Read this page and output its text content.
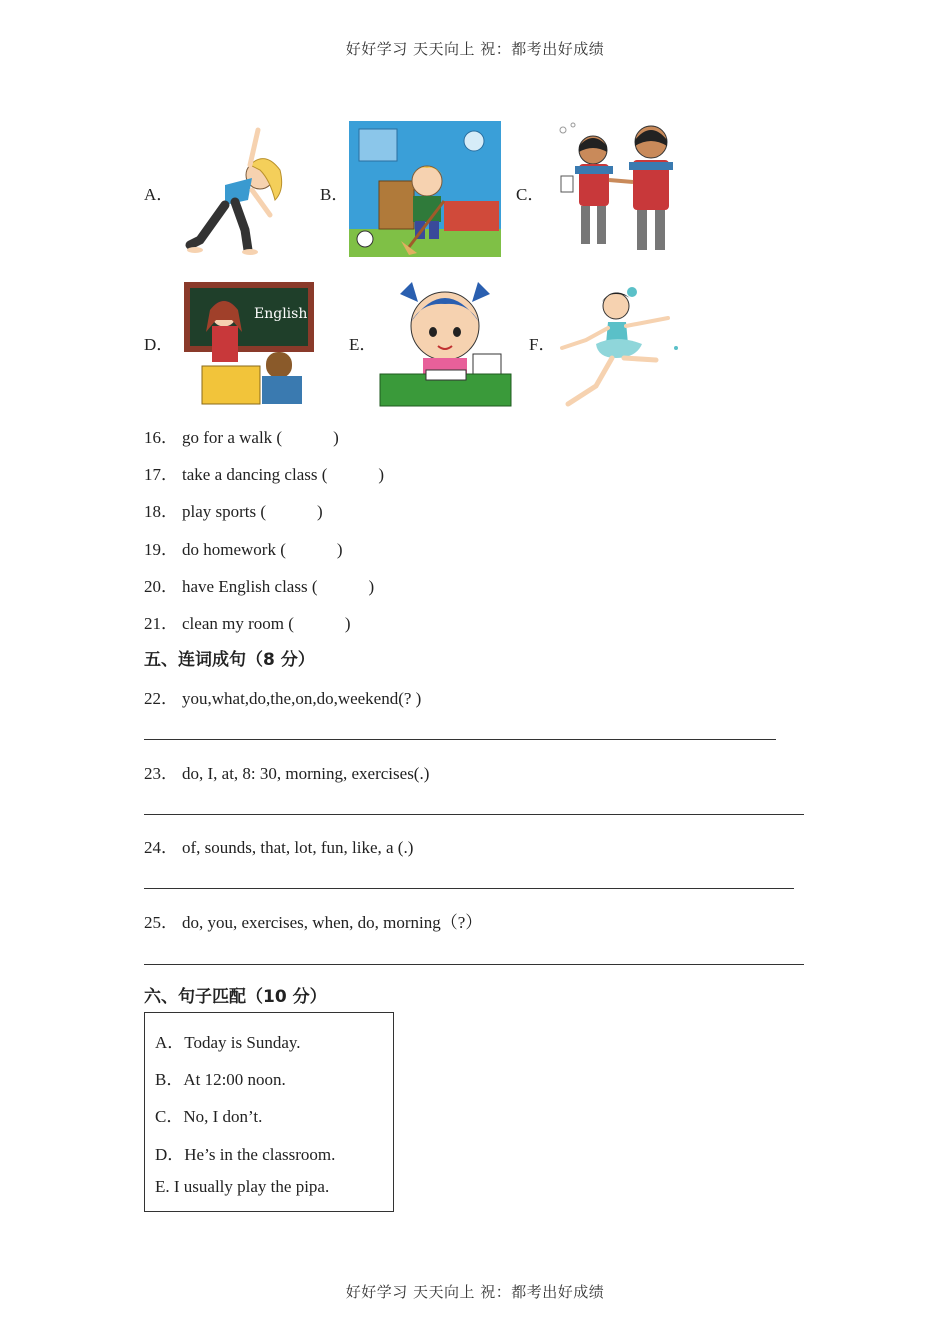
好好学习 天天向上 祝：都考出好成绩
A．	B．	C．
D．
English
E．	F．
16． go for a walk (            )
17． take a dancing class (            )
18． play sports (            )
19． do homework (            )
20． have English class (            )
21． clean my room (            )
五、连词成句（8 分）
22． you,what,do,the,on,do,weekend(? )
23． do, I, at, 8: 30, morning, exercises(.)
24． of, sounds, that, lot, fun, like, a (.)
25． do, you, exercises, when, do, morning（?）
六、句子匹配（10 分）
A．Today is Sunday.
B．At 12:00 noon.
C．No, I don’t.
D．He’s in the classroom.
E. I usually play the pipa.
好好学习 天天向上 祝：都考出好成绩
